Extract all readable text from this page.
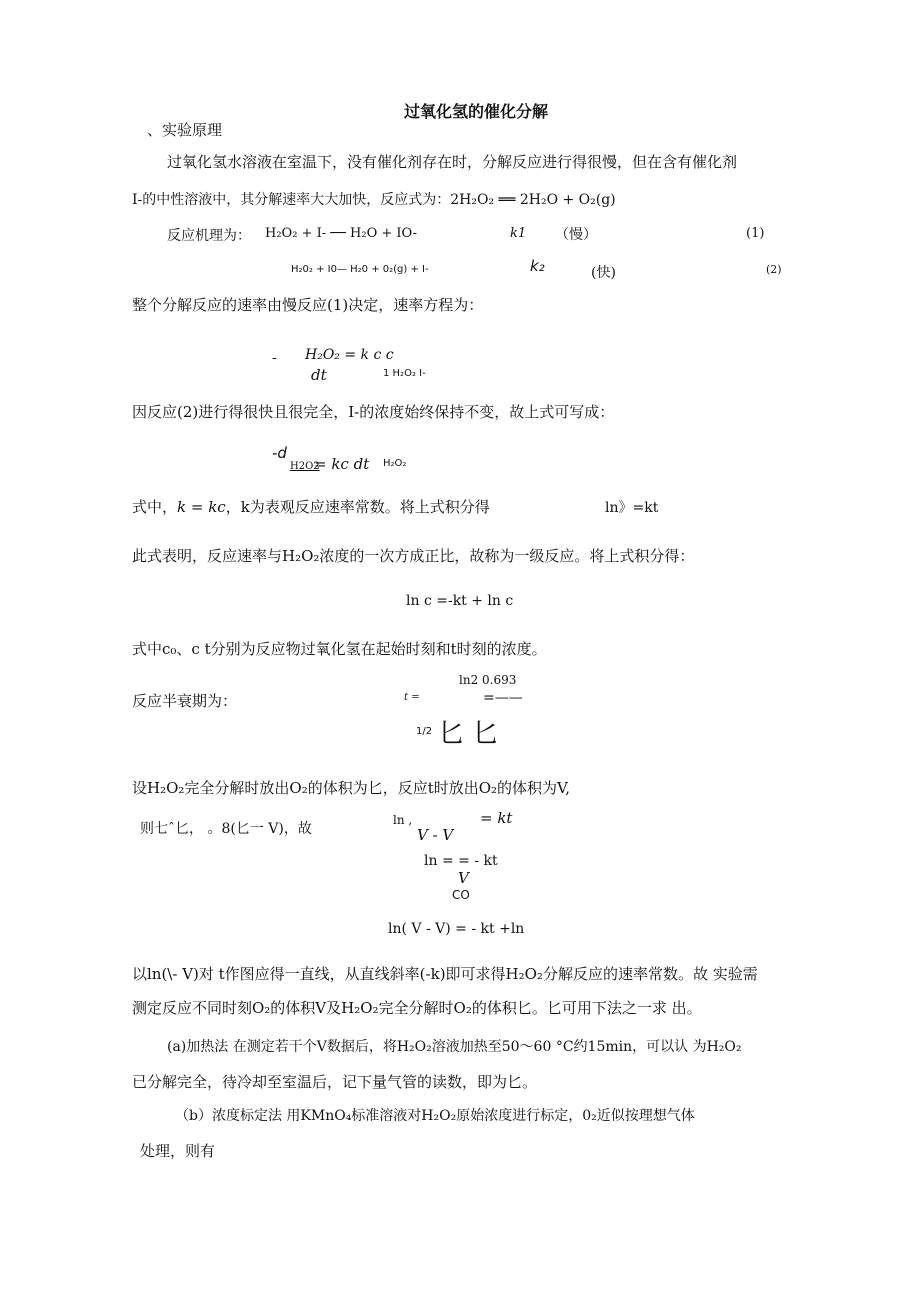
过氧化氢的催化分解
、实验原理
过氧化氢水溶液在室温下，没有催化剂存在时，分解反应进行得很慢，但在含有催化剂
I-的中性溶液中，其分解速率大大加快，反应式为：2H₂O₂ ══ 2H₂O + O₂(g)
反应机理为： H₂O₂ + I- ── H₂O + IO-	k1 （慢）	(1)
H₂0₂ + I0— H₂0 + 0₂(g) + I-	k₂	(快)	(2)
整个分解反应的速率由慢反应(1)决定，速率方程为：
- H₂O₂ = k c c
dt	1 H₂O₂ I-
因反应(2)进行得很快且很完全，I-的浓度始终保持不变，故上式可写成：
-d
H2O2
= kc dt H₂O₂
式中，k = kc，k为表观反应速率常数。将上式积分得	ln》=kt
此式表明，反应速率与H₂O₂浓度的一次方成正比，故称为一级反应。将上式积分得：
ln c =-kt + ln c
式中c₀、c t分别为反应物过氧化氢在起始时刻和t时刻的浓度。
反应半衰期为：
ln2 0.693
t =	=——
1/2 匕 匕
设H₂O₂完全分解时放出O₂的体积为匕，反应t时放出O₂的体积为V,
则七ˆ匕， 。8(匕一 V)，故
ln ,	= kt
V - V
ln = = - kt
V
CO
ln( V - V) = - kt +ln
以ln(\- V)对 t作图应得一直线，从直线斜率(-k)即可求得H₂O₂分解反应的速率常数。故 实验需
测定反应不同时刻O₂的体积V及H₂O₂完全分解时O₂的体积匕。匕可用下法之一求 出。
(a)加热法 在测定若干个V数据后，将H₂O₂溶液加热至50～60 °C约15min，可以认 为H₂O₂
已分解完全，待冷却至室温后，记下量气管的读数，即为匕。
（b）浓度标定法 用KMnO₄标准溶液对H₂O₂原始浓度进行标定，0₂近似按理想气体
处理，则有
